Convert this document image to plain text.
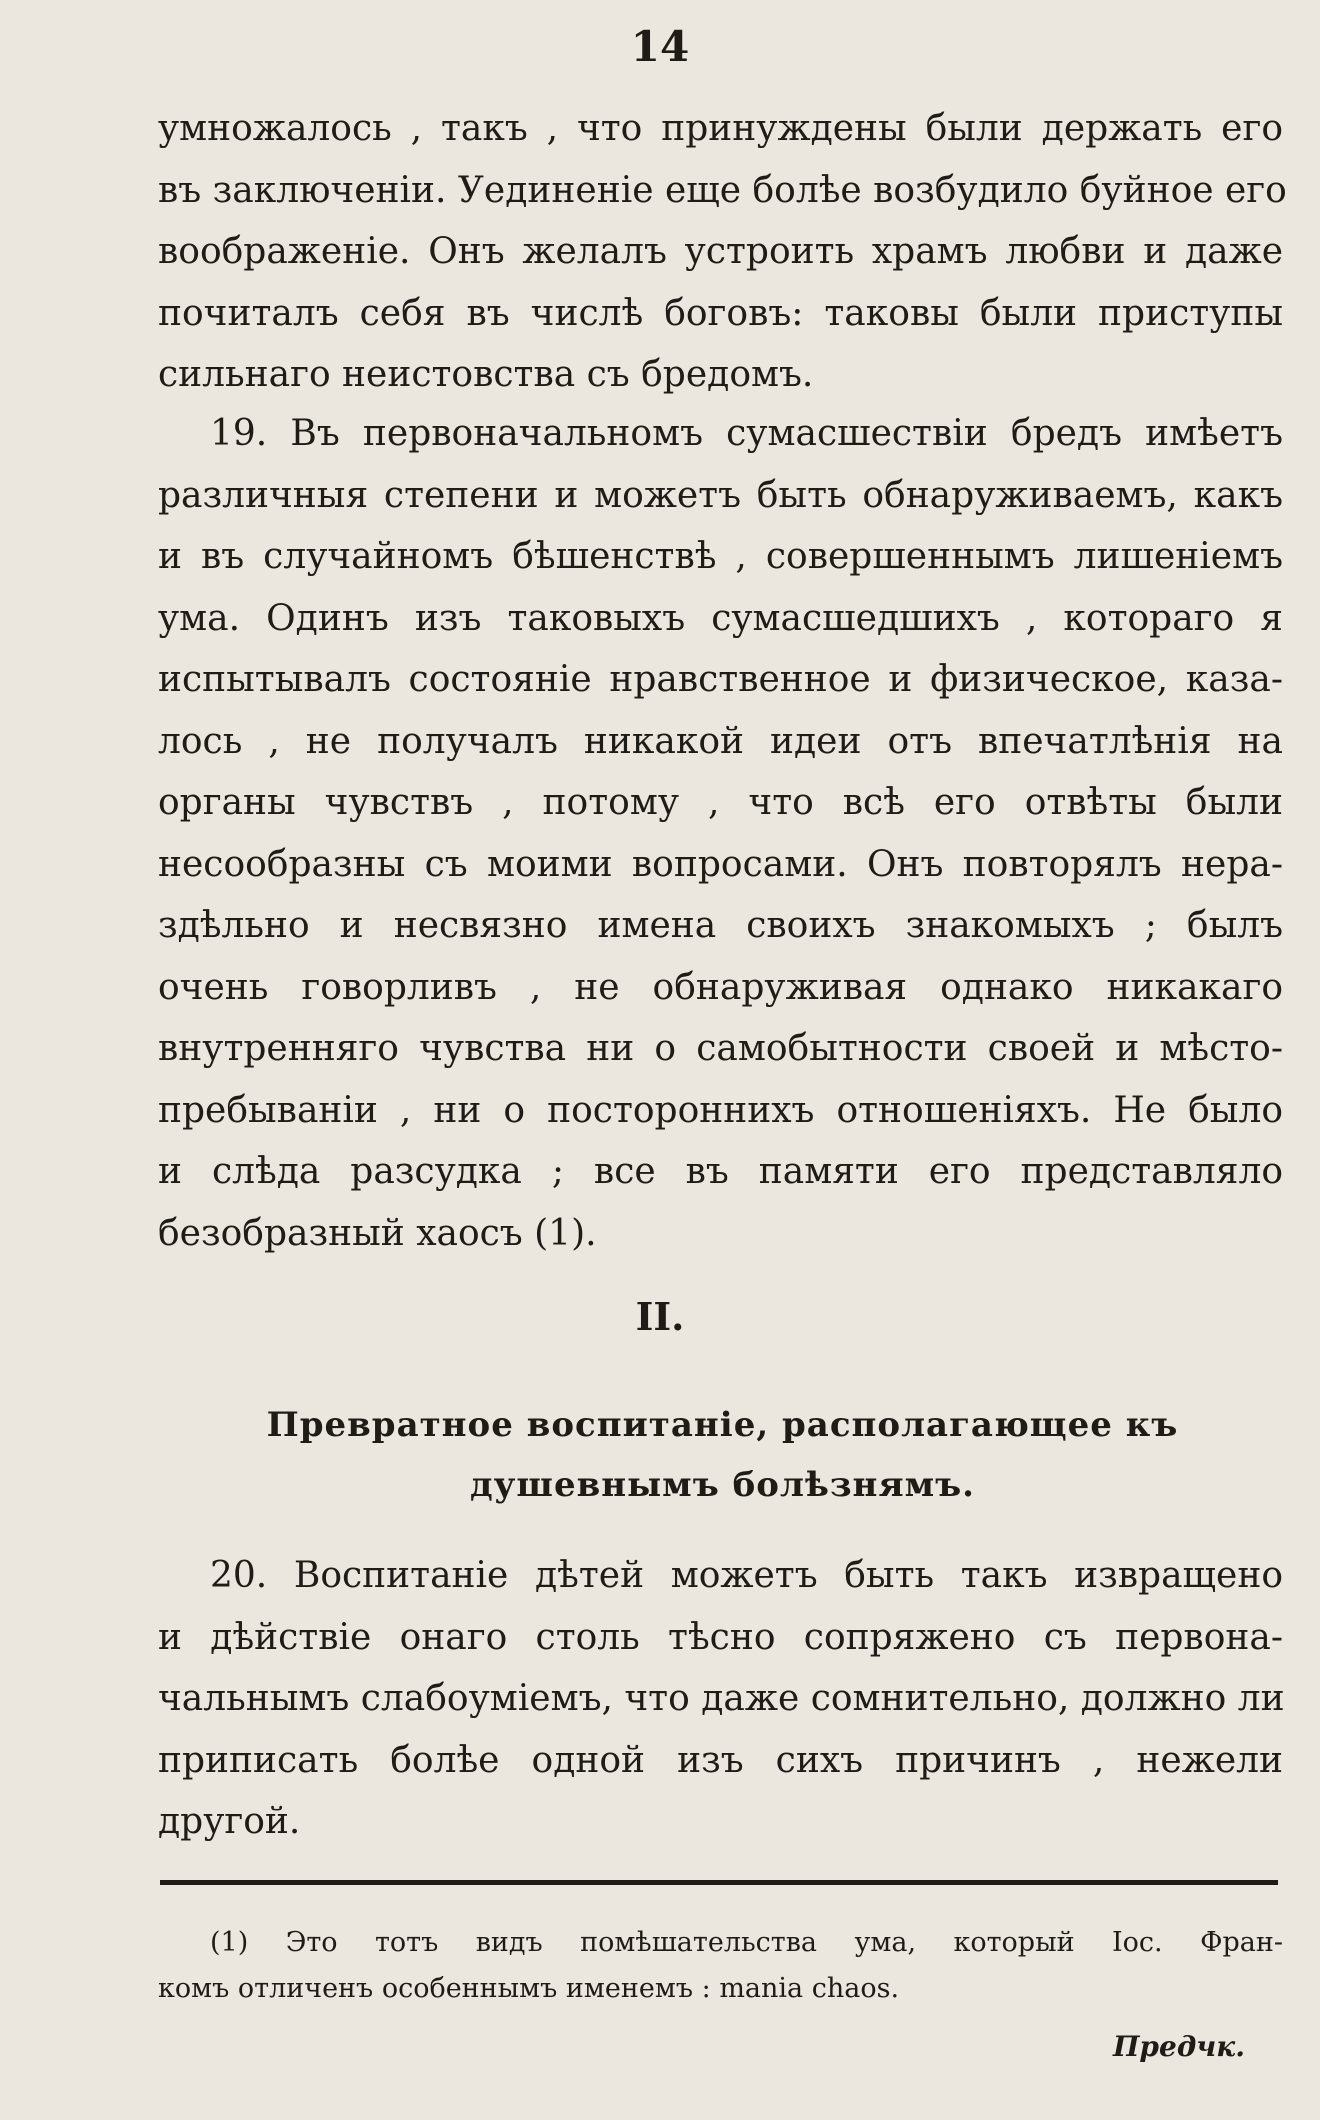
14
умножалось , такъ , что принуждены были держать его
въ заключеніи. Уединеніе еще болѣе возбудило буйное его
воображеніе. Онъ желалъ устроить храмъ любви и даже
почиталъ себя въ числѣ боговъ: таковы были приступы
сильнаго неистовства съ бредомъ.
19. Въ первоначальномъ сумасшествіи бредъ имѣетъ
различныя степени и можетъ быть обнаруживаемъ, какъ
и въ случайномъ бѣшенствѣ , совершеннымъ лишеніемъ
ума. Одинъ изъ таковыхъ сумасшедшихъ , котораго я
испытывалъ состояніе нравственное и физическое, каза-
лось , не получалъ никакой идеи отъ впечатлѣнія на
органы чувствъ , потому , что всѣ его отвѣты были
несообразны съ моими вопросами. Онъ повторялъ нера-
здѣльно и несвязно имена своихъ знакомыхъ ; былъ
очень говорливъ , не обнаруживая однако никакаго
внутренняго чувства ни о самобытности своей и мѣсто-
пребываніи , ни о постороннихъ отношеніяхъ. Не было
и слѣда разсудка ; все въ памяти его представляло
безобразный хаосъ (1).
II.
Превратное воспитаніе, располагающее къ
душевнымъ болѣзнямъ.
20. Воспитаніе дѣтей можетъ быть такъ извращено
и дѣйствіе онаго столь тѣсно сопряжено съ первона-
чальнымъ слабоуміемъ, что даже сомнительно, должно ли
приписать болѣе одной изъ сихъ причинъ , нежели
другой.
(1) Это тотъ видъ помѣшательства ума, который Іос. Фран-
комъ отличенъ особеннымъ именемъ : mania chaos.
Предчк.
